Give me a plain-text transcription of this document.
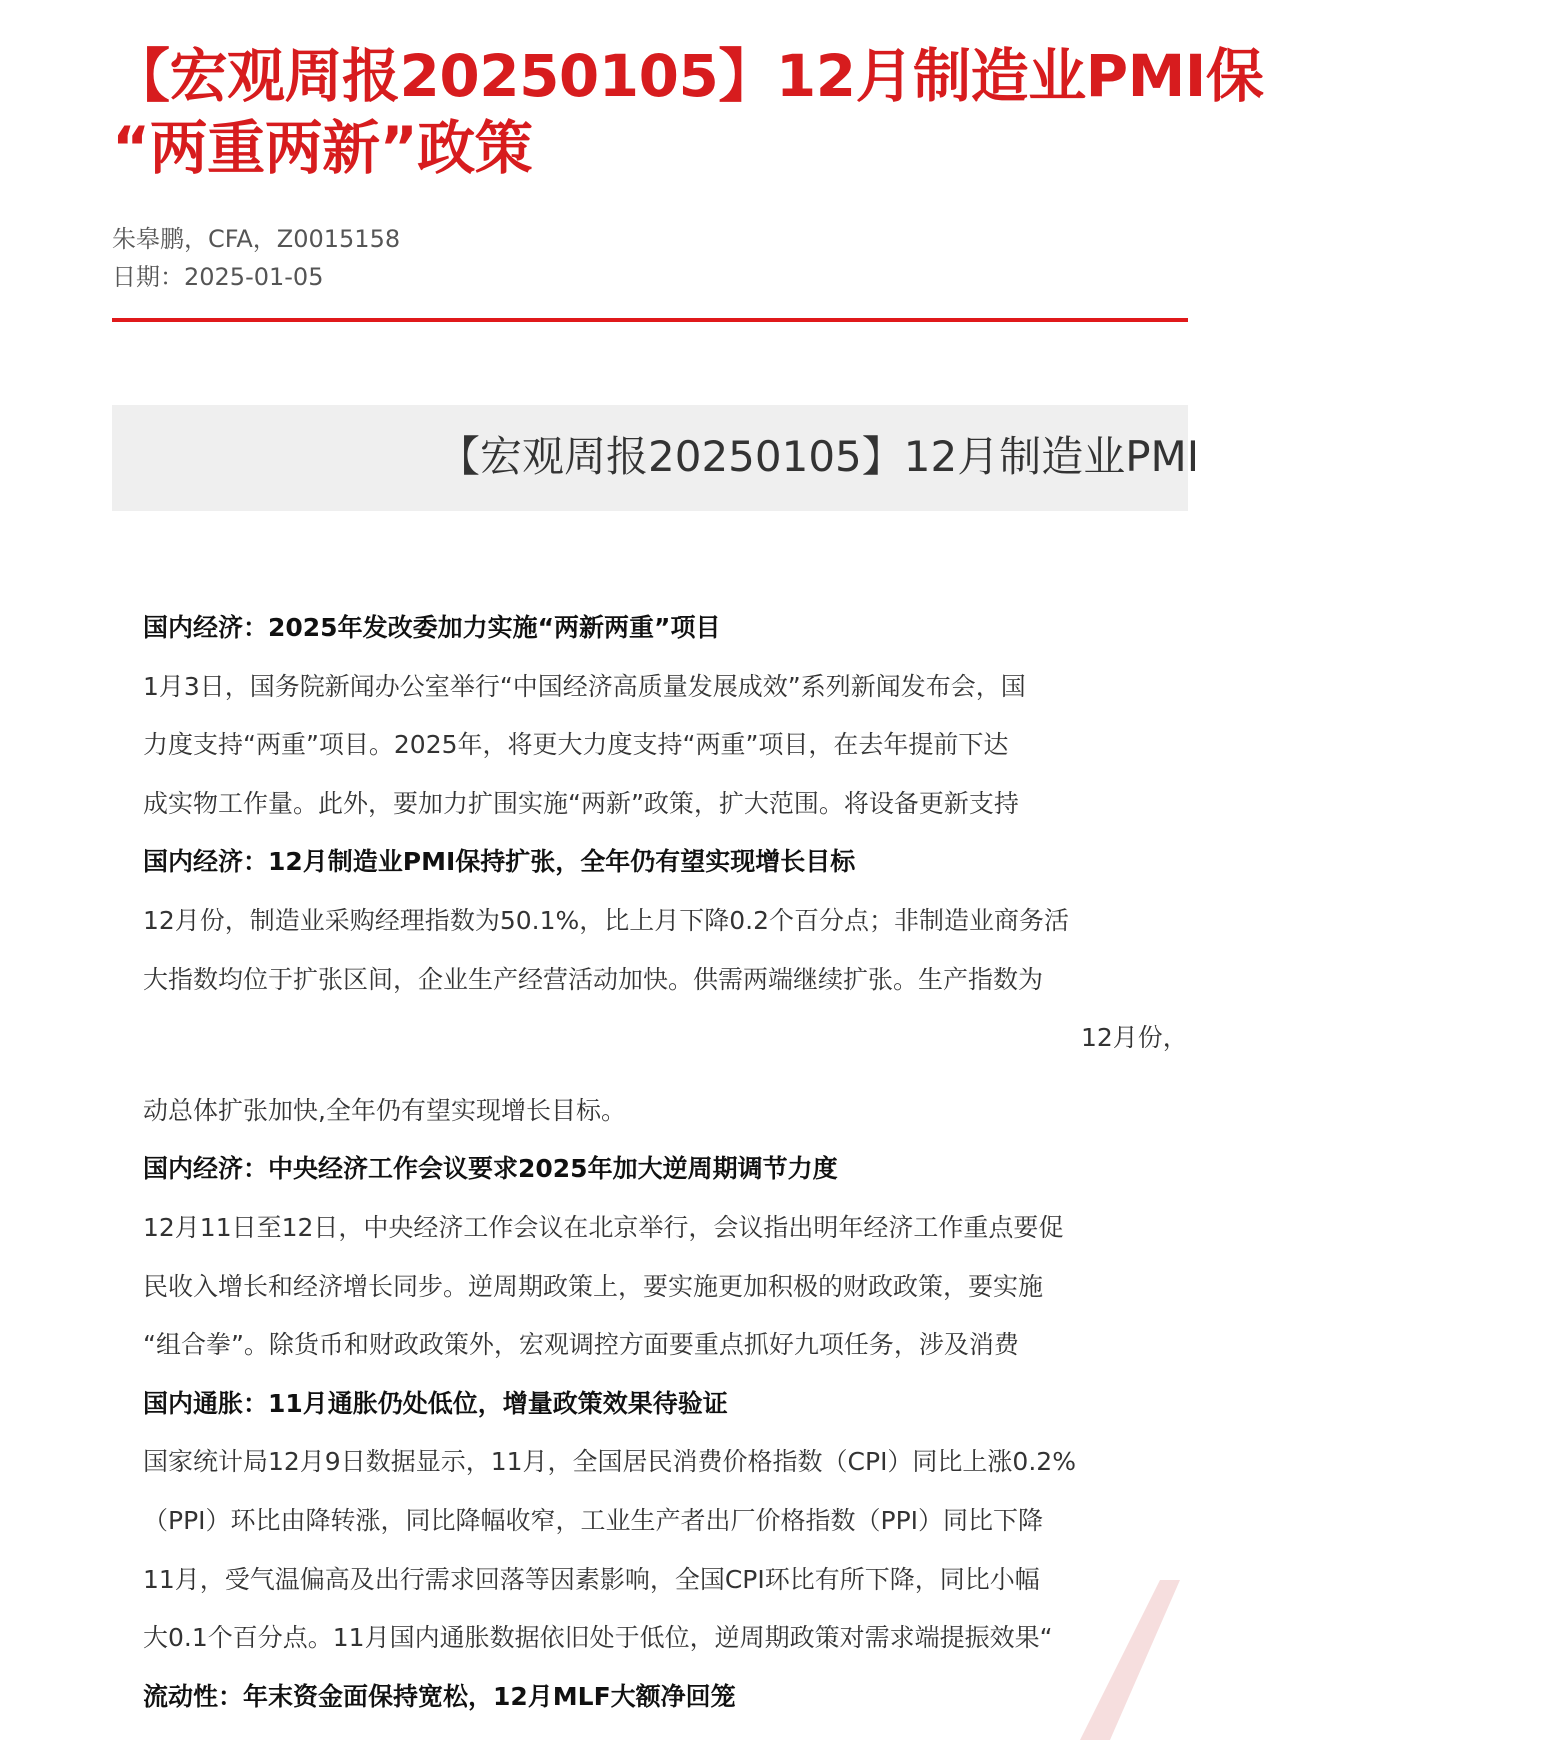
【宏观周报20250105】12月制造业PMI保
“两重两新”政策
朱皋鹏，CFA，Z0015158
日期：2025-01-05
【宏观周报20250105】12月制造业PMI
国内经济：2025年发改委加力实施“两新两重”项目
1月3日，国务院新闻办公室举行“中国经济高质量发展成效”系列新闻发布会，国
力度支持“两重”项目。2025年，将更大力度支持“两重”项目，在去年提前下达
成实物工作量。此外，要加力扩围实施“两新”政策，扩大范围。将设备更新支持
国内经济：12月制造业PMI保持扩张，全年仍有望实现增长目标
12月份，制造业采购经理指数为50.1%，比上月下降0.2个百分点；非制造业商务活
大指数均位于扩张区间，企业生产经营活动加快。供需两端继续扩张。生产指数为
12月份，
动总体扩张加快,全年仍有望实现增长目标。
国内经济：中央经济工作会议要求2025年加大逆周期调节力度
12月11日至12日，中央经济工作会议在北京举行，会议指出明年经济工作重点要促
民收入增长和经济增长同步。逆周期政策上，要实施更加积极的财政政策，要实施
“组合拳”。除货币和财政政策外，宏观调控方面要重点抓好九项任务，涉及消费
国内通胀：11月通胀仍处低位，增量政策效果待验证
国家统计局12月9日数据显示，11月，全国居民消费价格指数（CPI）同比上涨0.2%
（PPI）环比由降转涨，同比降幅收窄，工业生产者出厂价格指数（PPI）同比下降
11月，受气温偏高及出行需求回落等因素影响，全国CPI环比有所下降，同比小幅
大0.1个百分点。11月国内通胀数据依旧处于低位，逆周期政策对需求端提振效果“
流动性：年末资金面保持宽松，12月MLF大额净回笼
